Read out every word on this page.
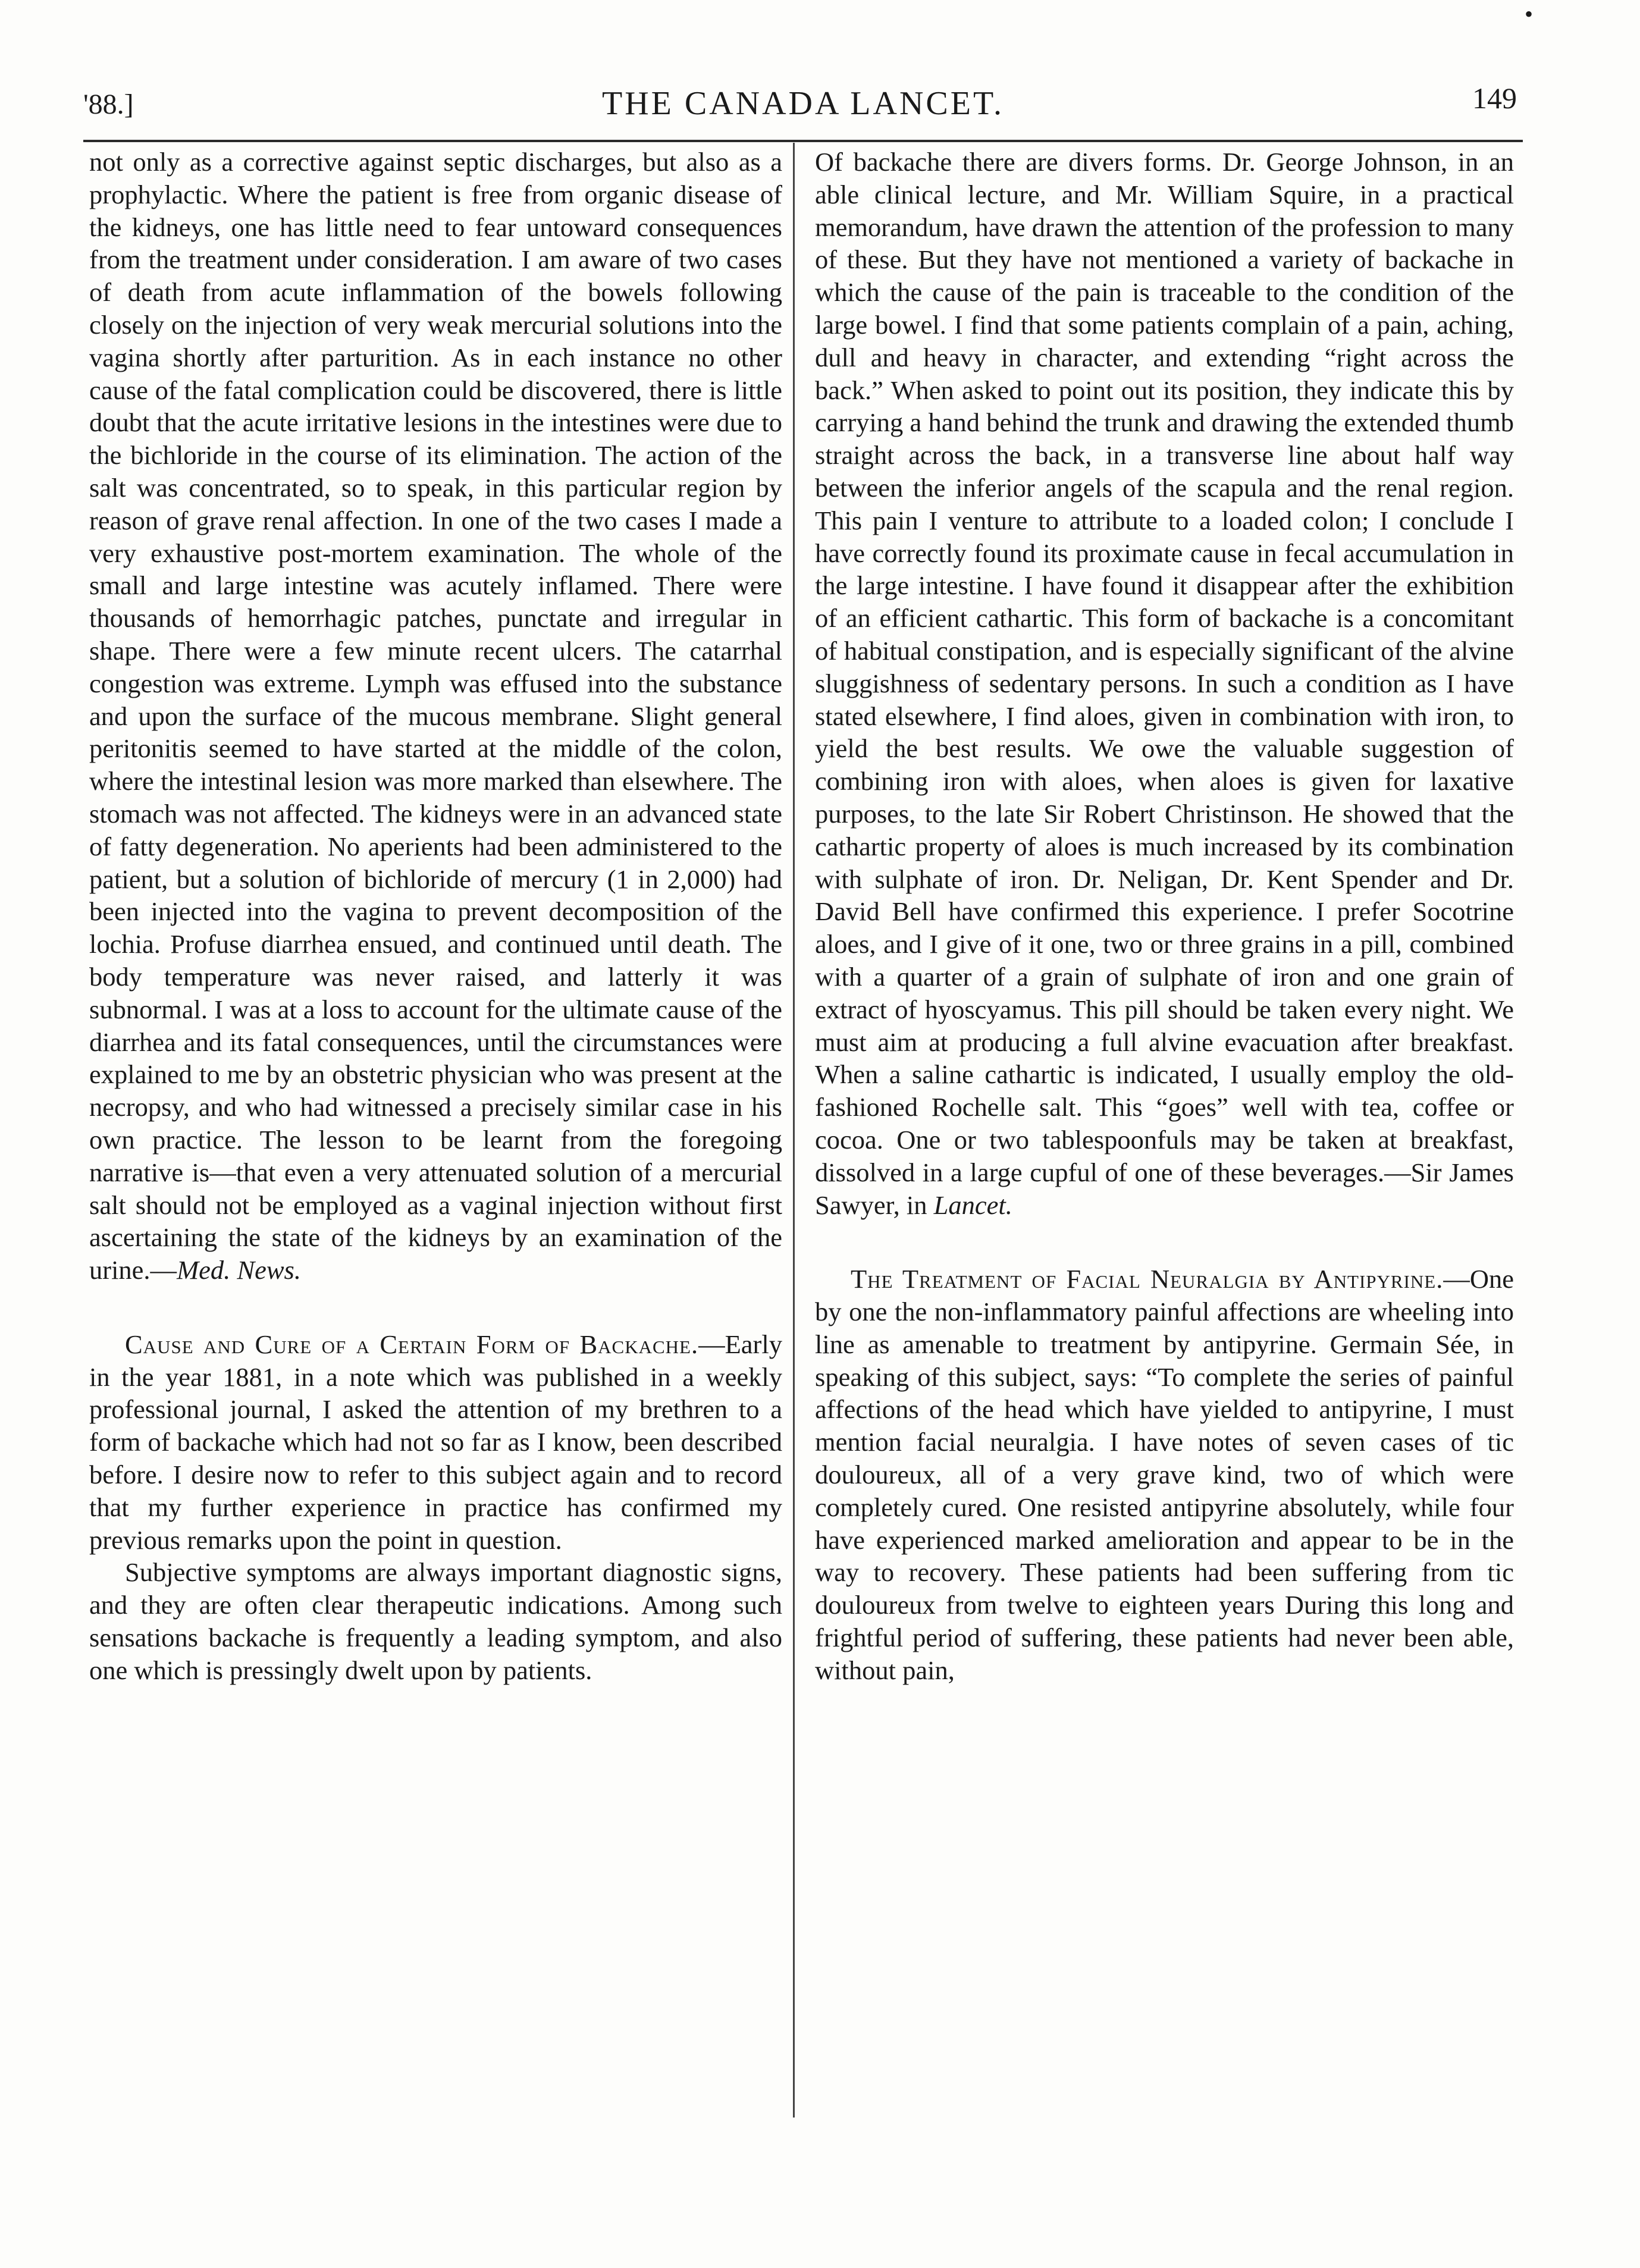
•
'88.]	THE CANADA LANCET.	149

not only as a corrective against septic discharges, but also as a prophylactic. Where the patient is free from organic disease of the kidneys, one has little need to fear untoward consequences from the treatment under consideration. I am aware of two cases of death from acute inflammation of the bowels following closely on the injection of very weak mercurial solutions into the vagina shortly after parturition. As in each instance no other cause of the fatal complication could be discovered, there is little doubt that the acute irritative lesions in the intestines were due to the bichloride in the course of its elimination. The action of the salt was concentrated, so to speak, in this particular region by reason of grave renal affection. In one of the two cases I made a very exhaustive post-mortem examination. The whole of the small and large intestine was acutely inflamed. There were thousands of hemorrhagic patches, punctate and irregular in shape. There were a few minute recent ulcers. The catarrhal congestion was extreme. Lymph was effused into the substance and upon the surface of the mucous membrane. Slight general peritonitis seemed to have started at the middle of the colon, where the intestinal lesion was more marked than elsewhere. The stomach was not affected. The kidneys were in an advanced state of fatty degeneration. No aperients had been administered to the patient, but a solution of bichloride of mercury (1 in 2,000) had been injected into the vagina to prevent decomposition of the lochia. Profuse diarrhea ensued, and continued until death. The body temperature was never raised, and latterly it was subnormal. I was at a loss to account for the ultimate cause of the diarrhea and its fatal consequences, until the circumstances were explained to me by an obstetric physician who was present at the necropsy, and who had witnessed a precisely similar case in his own practice. The lesson to be learnt from the foregoing narrative is—that even a very attenuated solution of a mercurial salt should not be employed as a vaginal injection without first ascertaining the state of the kidneys by an examination of the urine.—Med. News.

Cause and Cure of a Certain Form of Backache.—Early in the year 1881, in a note which was published in a weekly professional journal, I asked the attention of my brethren to a form of backache which had not so far as I know, been described before. I desire now to refer to this subject again and to record that my further experience in practice has confirmed my previous remarks upon the point in question.

Subjective symptoms are always important diagnostic signs, and they are often clear therapeutic indications. Among such sensations backache is frequently a leading symptom, and also one which is pressingly dwelt upon by patients.

Of backache there are divers forms. Dr. George Johnson, in an able clinical lecture, and Mr. William Squire, in a practical memorandum, have drawn the attention of the profession to many of these. But they have not mentioned a variety of backache in which the cause of the pain is traceable to the condition of the large bowel. I find that some patients complain of a pain, aching, dull and heavy in character, and extending “right across the back.” When asked to point out its position, they indicate this by carrying a hand behind the trunk and drawing the extended thumb straight across the back, in a transverse line about half way between the inferior angels of the scapula and the renal region. This pain I venture to attribute to a loaded colon; I conclude I have correctly found its proximate cause in fecal accumulation in the large intestine. I have found it disappear after the exhibition of an efficient cathartic. This form of backache is a concomitant of habitual constipation, and is especially significant of the alvine sluggishness of sedentary persons. In such a condition as I have stated elsewhere, I find aloes, given in combination with iron, to yield the best results. We owe the valuable suggestion of combining iron with aloes, when aloes is given for laxative purposes, to the late Sir Robert Christinson. He showed that the cathartic property of aloes is much increased by its combination with sulphate of iron. Dr. Neligan, Dr. Kent Spender and Dr. David Bell have confirmed this experience. I prefer Socotrine aloes, and I give of it one, two or three grains in a pill, combined with a quarter of a grain of sulphate of iron and one grain of extract of hyoscyamus. This pill should be taken every night. We must aim at producing a full alvine evacuation after breakfast. When a saline cathartic is indicated, I usually employ the old-fashioned Rochelle salt. This “goes” well with tea, coffee or cocoa. One or two tablespoonfuls may be taken at breakfast, dissolved in a large cupful of one of these beverages.—Sir James Sawyer, in Lancet.

The Treatment of Facial Neuralgia by Antipyrine.—One by one the non-inflammatory painful affections are wheeling into line as amenable to treatment by antipyrine. Germain Sée, in speaking of this subject, says: “To complete the series of painful affections of the head which have yielded to antipyrine, I must mention facial neuralgia. I have notes of seven cases of tic douloureux, all of a very grave kind, two of which were completely cured. One resisted antipyrine absolutely, while four have experienced marked amelioration and appear to be in the way to recovery. These patients had been suffering from tic douloureux from twelve to eighteen years During this long and frightful period of suffering, these patients had never been able, without pain,
